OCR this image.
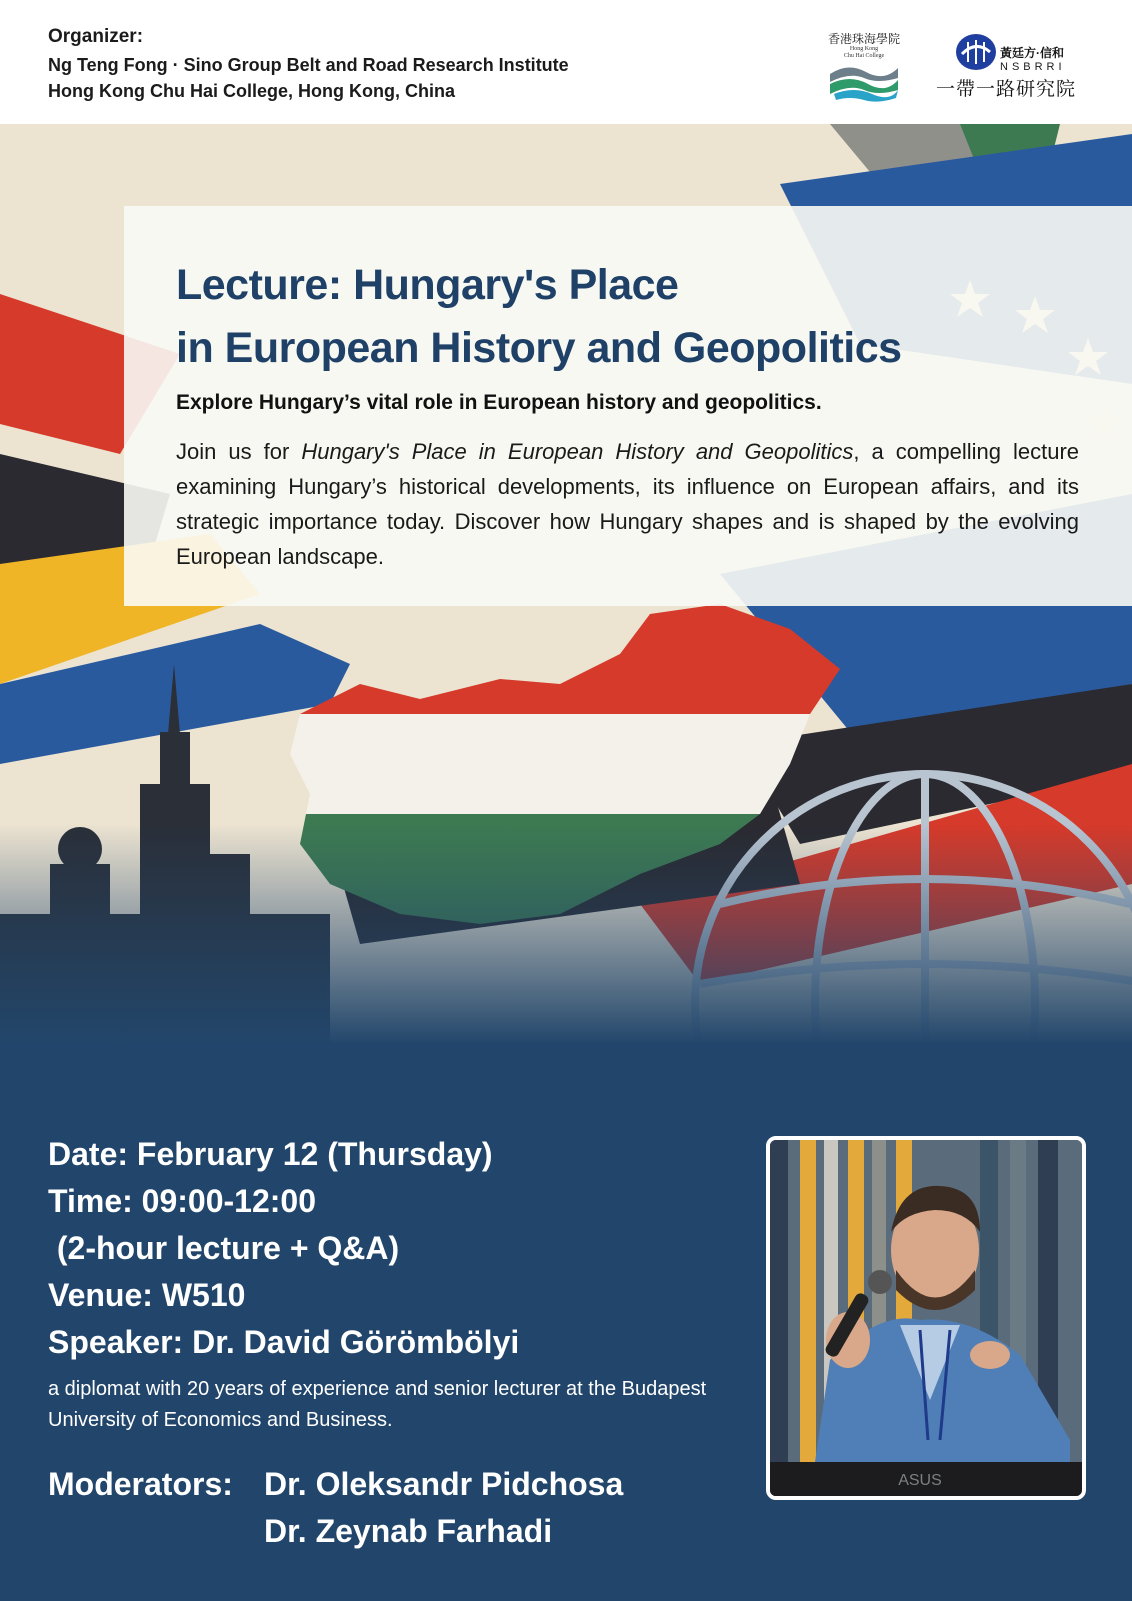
Organizer:
Ng Teng Fong · Sino Group Belt and Road Research Institute
Hong Kong Chu Hai College, Hong Kong, China
香港珠海學院
Hong Kong
Chu Hai College	黃廷方·信和
NSBRRI
一帶一路研究院
Lecture: Hungary's Place
in European History and Geopolitics
Explore Hungary’s vital role in European history and geopolitics.

Join us for Hungary's Place in European History and Geopolitics, a compelling lecture examining Hungary’s historical developments, its influence on European affairs, and its strategic importance today. Discover how Hungary shapes and is shaped by the evolving European landscape.

Date: February 12 (Thursday)
Time: 09:00-12:00
(2-hour lecture + Q&A)
Venue: W510
Speaker: Dr. David Görömbölyi

a diplomat with 20 years of experience and senior lecturer at the Budapest University of Economics and Business.

Moderators: Dr. Oleksandr Pidchosa
Dr. Zeynab Farhadi
ASUS
